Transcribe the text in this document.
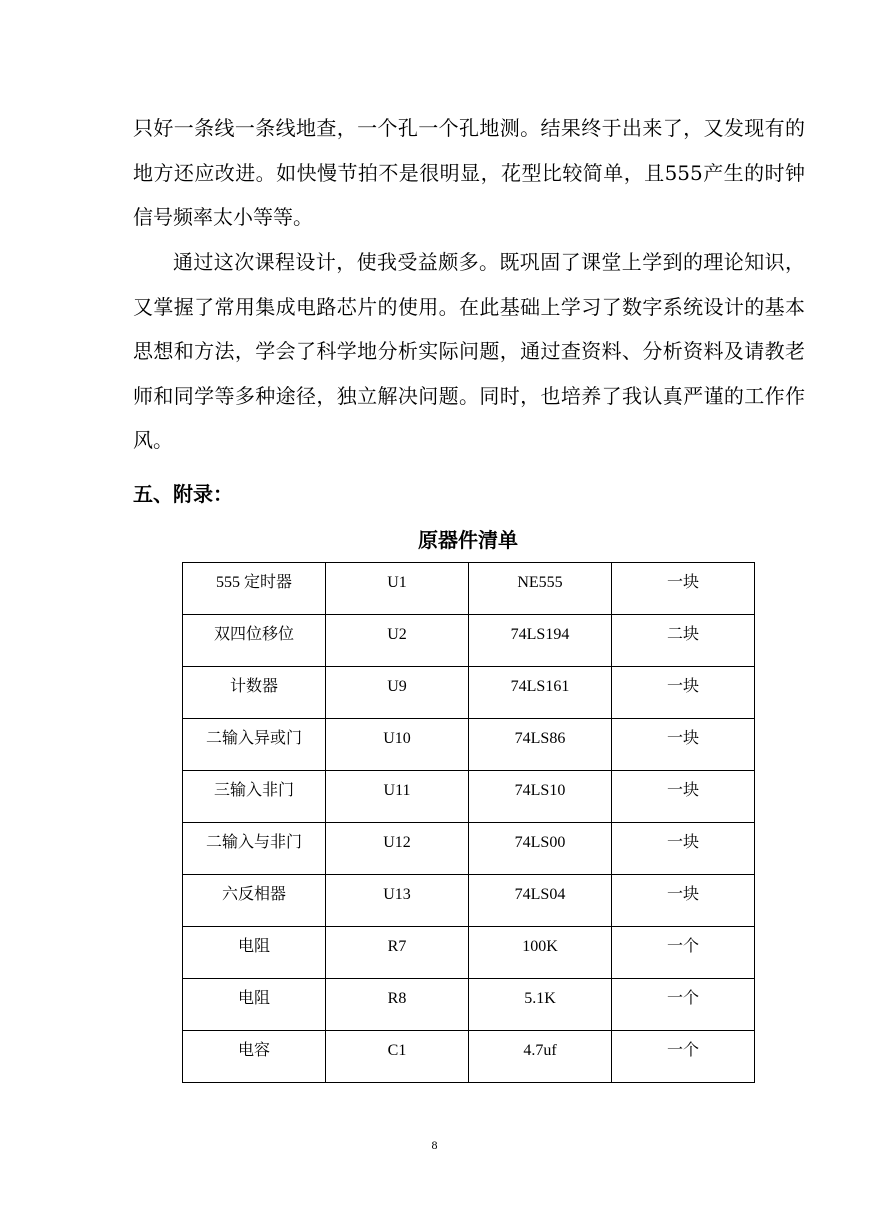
只好一条线一条线地查，一个孔一个孔地测。结果终于出来了，又发现有的地方还应改进。如快慢节拍不是很明显，花型比较简单，且555产生的时钟信号频率太小等等。

通过这次课程设计，使我受益颇多。既巩固了课堂上学到的理论知识，又掌握了常用集成电路芯片的使用。在此基础上学习了数字系统设计的基本思想和方法，学会了科学地分析实际问题，通过查资料、分析资料及请教老师和同学等多种途径，独立解决问题。同时，也培养了我认真严谨的工作作风。

五、附录：
原器件清单
555 定时器	U1	NE555	一块

双四位移位	U2	74LS194	二块

计数器	U9	74LS161	一块

二输入异或门	U10	74LS86	一块

三输入非门	U11	74LS10	一块

二输入与非门	U12	74LS00	一块

六反相器	U13	74LS04	一块

电阻	R7	100K	一个

电阻	R8	5.1K	一个

电容	C1	4.7uf	一个
8
